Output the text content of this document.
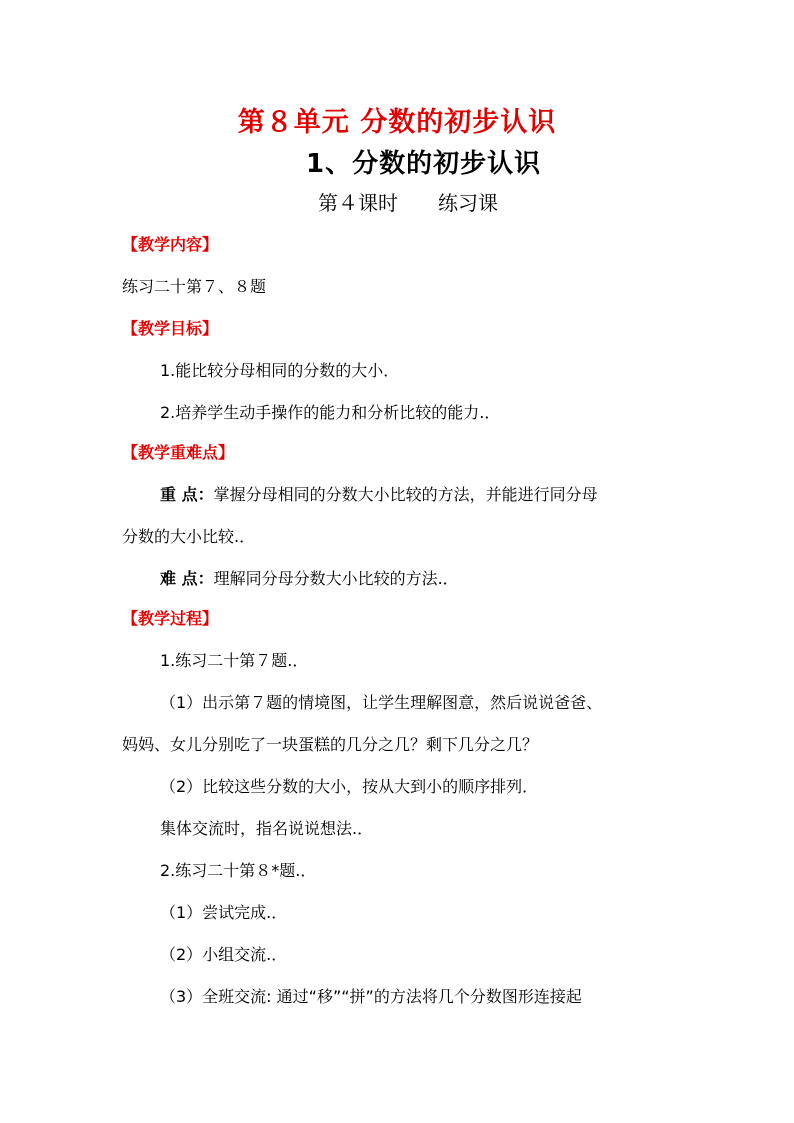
第８单元 分数的初步认识
1、分数的初步认识
第４课时 练习课
【教学内容】
练习二十第７、８题
【教学目标】
1.能比较分母相同的分数的大小．
2.培养学生动手操作的能力和分析比较的能力.．
【教学重难点】
重 点：掌握分母相同的分数大小比较的方法，并能进行同分母
分数的大小比较.．
难 点：理解同分母分数大小比较的方法.．
【教学过程】
1.练习二十第７题.．
（1）出示第７题的情境图，让学生理解图意，然后说说爸爸、
妈妈、女儿分别吃了一块蛋糕的几分之几？剩下几分之几？
（2）比较这些分数的大小，按从大到小的顺序排列．
集体交流时，指名说说想法.．
2.练习二十第８*题.．
（1）尝试完成.．
（2）小组交流.．
（3）全班交流: 通过“移”“拼”的方法将几个分数图形连接起
